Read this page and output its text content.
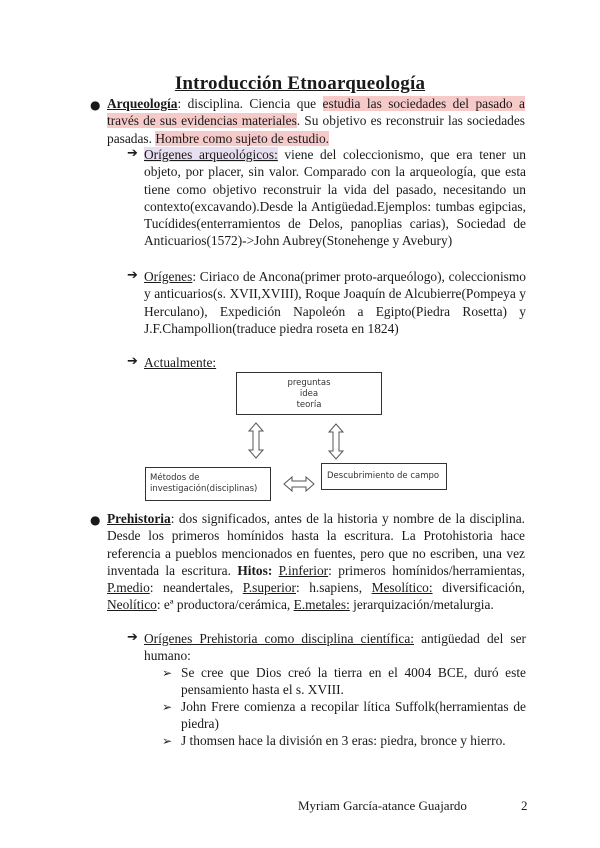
Introducción Etnoarqueología
● Arqueología: disciplina. Ciencia que estudia las sociedades del pasado a través de sus evidencias materiales. Su objetivo es reconstruir las sociedades pasadas. Hombre como sujeto de estudio.
➔ Orígenes arqueológicos: viene del coleccionismo, que era tener un objeto, por placer, sin valor. Comparado con la arqueología, que esta tiene como objetivo reconstruir la vida del pasado, necesitando un contexto(excavando).Desde la Antigüedad.Ejemplos: tumbas egipcias, Tucídides(enterramientos de Delos, panoplias carias), Sociedad de Anticuarios(1572)->John Aubrey(Stonehenge y Avebury)
➔ Orígenes: Ciriaco de Ancona(primer proto-arqueólogo), coleccionismo y anticuarios(s. XVII,XVIII), Roque Joaquín de Alcubierre(Pompeya y Herculano), Expedición Napoleón a Egipto(Piedra Rosetta) y J.F.Champollion(traduce piedra roseta en 1824)
➔ Actualmente:
preguntas
idea
teoría
Métodos de
investigación(disciplinas)
Descubrimiento de campo
● Prehistoria: dos significados, antes de la historia y nombre de la disciplina. Desde los primeros homínidos hasta la escritura. La Protohistoria hace referencia a pueblos mencionados en fuentes, pero que no escriben, una vez inventada la escritura. Hitos: P.inferior: primeros homínidos/herramientas, P.medio: neandertales, P.superior: h.sapiens, Mesolítico: diversificación, Neolítico: eª productora/cerámica, E.metales: jerarquización/metalurgia.
➔ Orígenes Prehistoria como disciplina científica: antigüedad del ser humano:
➢ Se cree que Dios creó la tierra en el 4004 BCE, duró este pensamiento hasta el s. XVIII.
➢ John Frere comienza a recopilar lítica Suffolk(herramientas de piedra)
➢ J thomsen hace la división en 3 eras: piedra, bronce y hierro.
Myriam García-atance Guajardo	2
